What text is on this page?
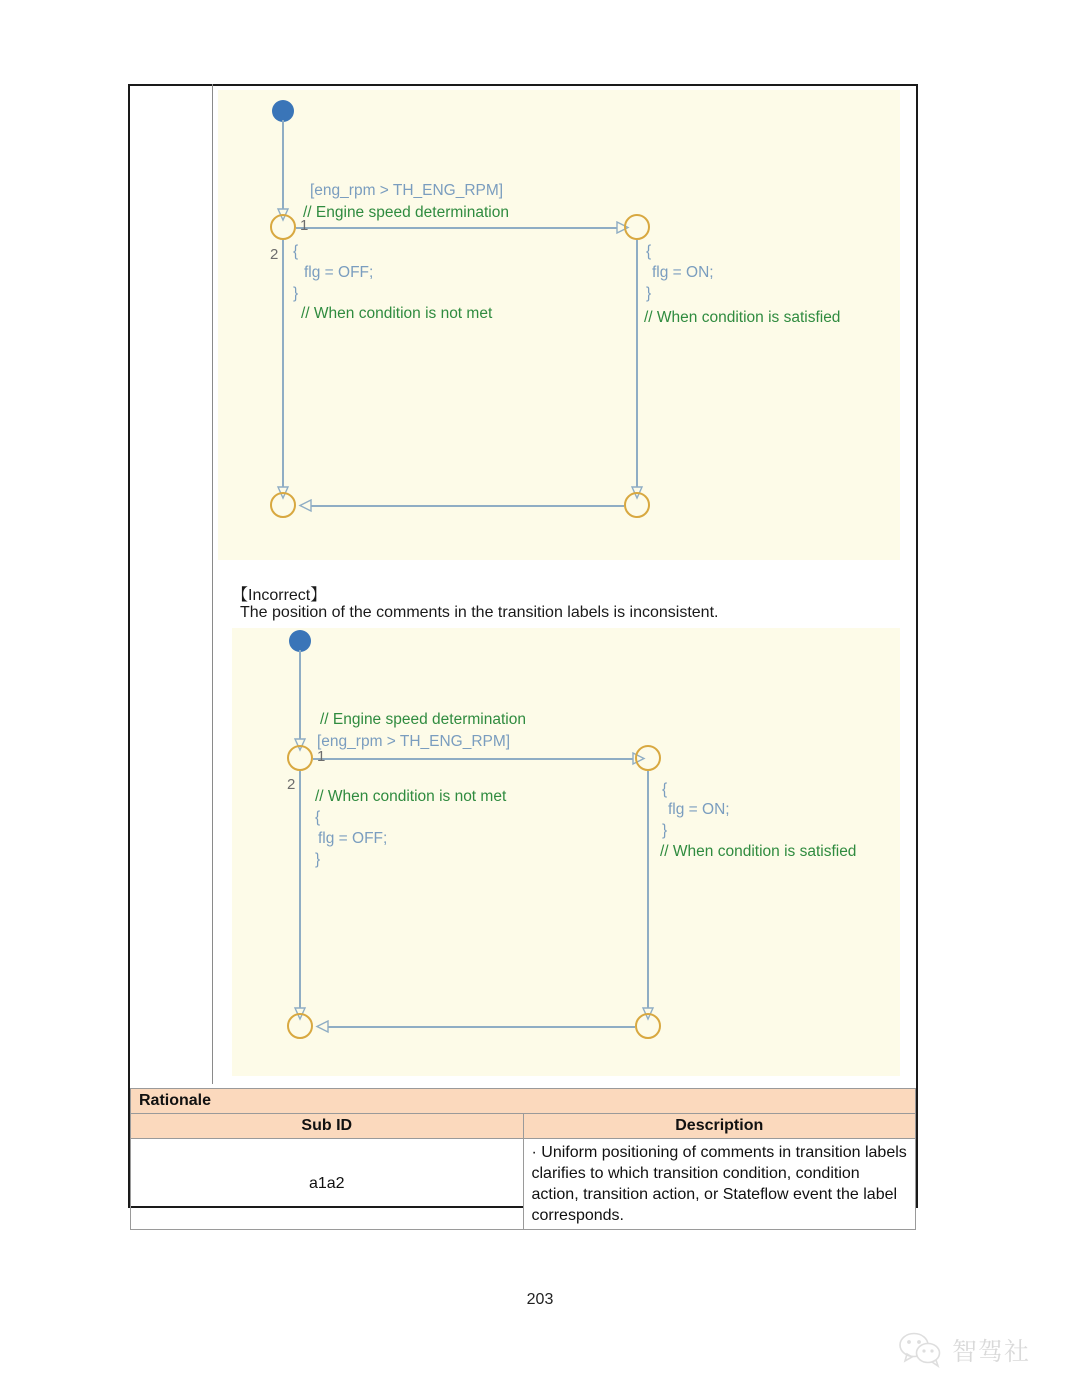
1
2
[eng_rpm > TH_ENG_RPM]
// Engine speed determination
{
flg = OFF;
}
// When condition is not met
{
flg = ON;
}
// When condition is satisfied
【Incorrect】
The position of the comments in the transition labels is inconsistent.
1
2
// Engine speed determination
[eng_rpm > TH_ENG_RPM]
// When condition is not met
{
flg = OFF;
}
{
flg = ON;
}
// When condition is satisfied
Rationale	
Sub ID	Description
a1a2	· Uniform positioning of comments in transition labels clarifies to which transition condition, condition action, transition action, or Stateflow event the label corresponds.
203
智驾社
